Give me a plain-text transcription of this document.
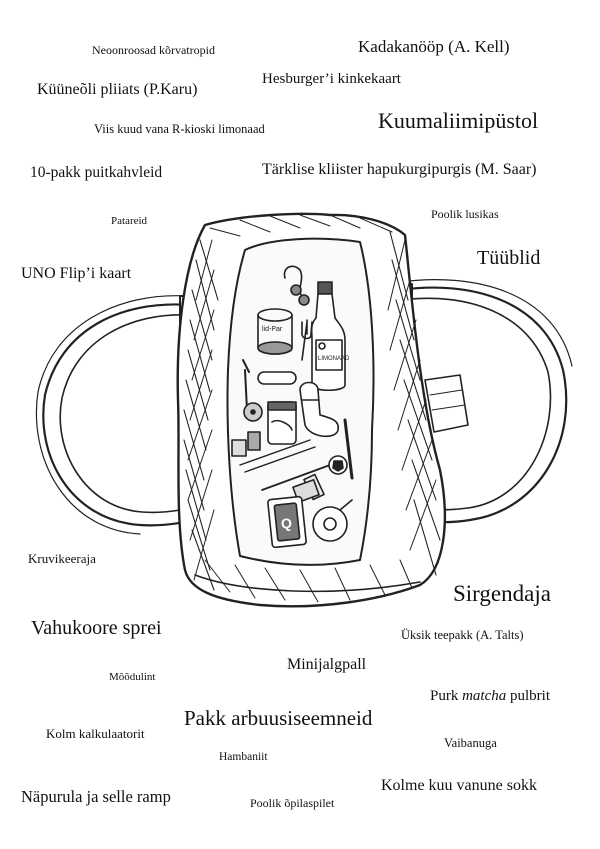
lid-Par
LIMONAAD
Q
Neoonroosad kõrvatropid	Kadakanööp (A. Kell)
Küüneõli pliiats (P.Karu)
Hesburger’i kinkekaart
Viis kuud vana R-kioski limonaad	Kuumaliimipüstol
10-pakk puitkahvleid	Tärklise kliister hapukurgipurgis (M. Saar)
Patareid	Poolik lusikas
UNO Flip’i kaart
Tüüblid
Kruvikeeraja
Sirgendaja
Vahukoore sprei	Üksik teepakk (A. Talts)
Minijalgpall
Mõõdulint
Purk matcha pulbrit
Pakk arbuusiseemneid
Kolm kalkulaatorit
Vaibanuga
Hambaniit
Näpurula ja selle ramp
Kolme kuu vanune sokk
Poolik õpilaspilet
